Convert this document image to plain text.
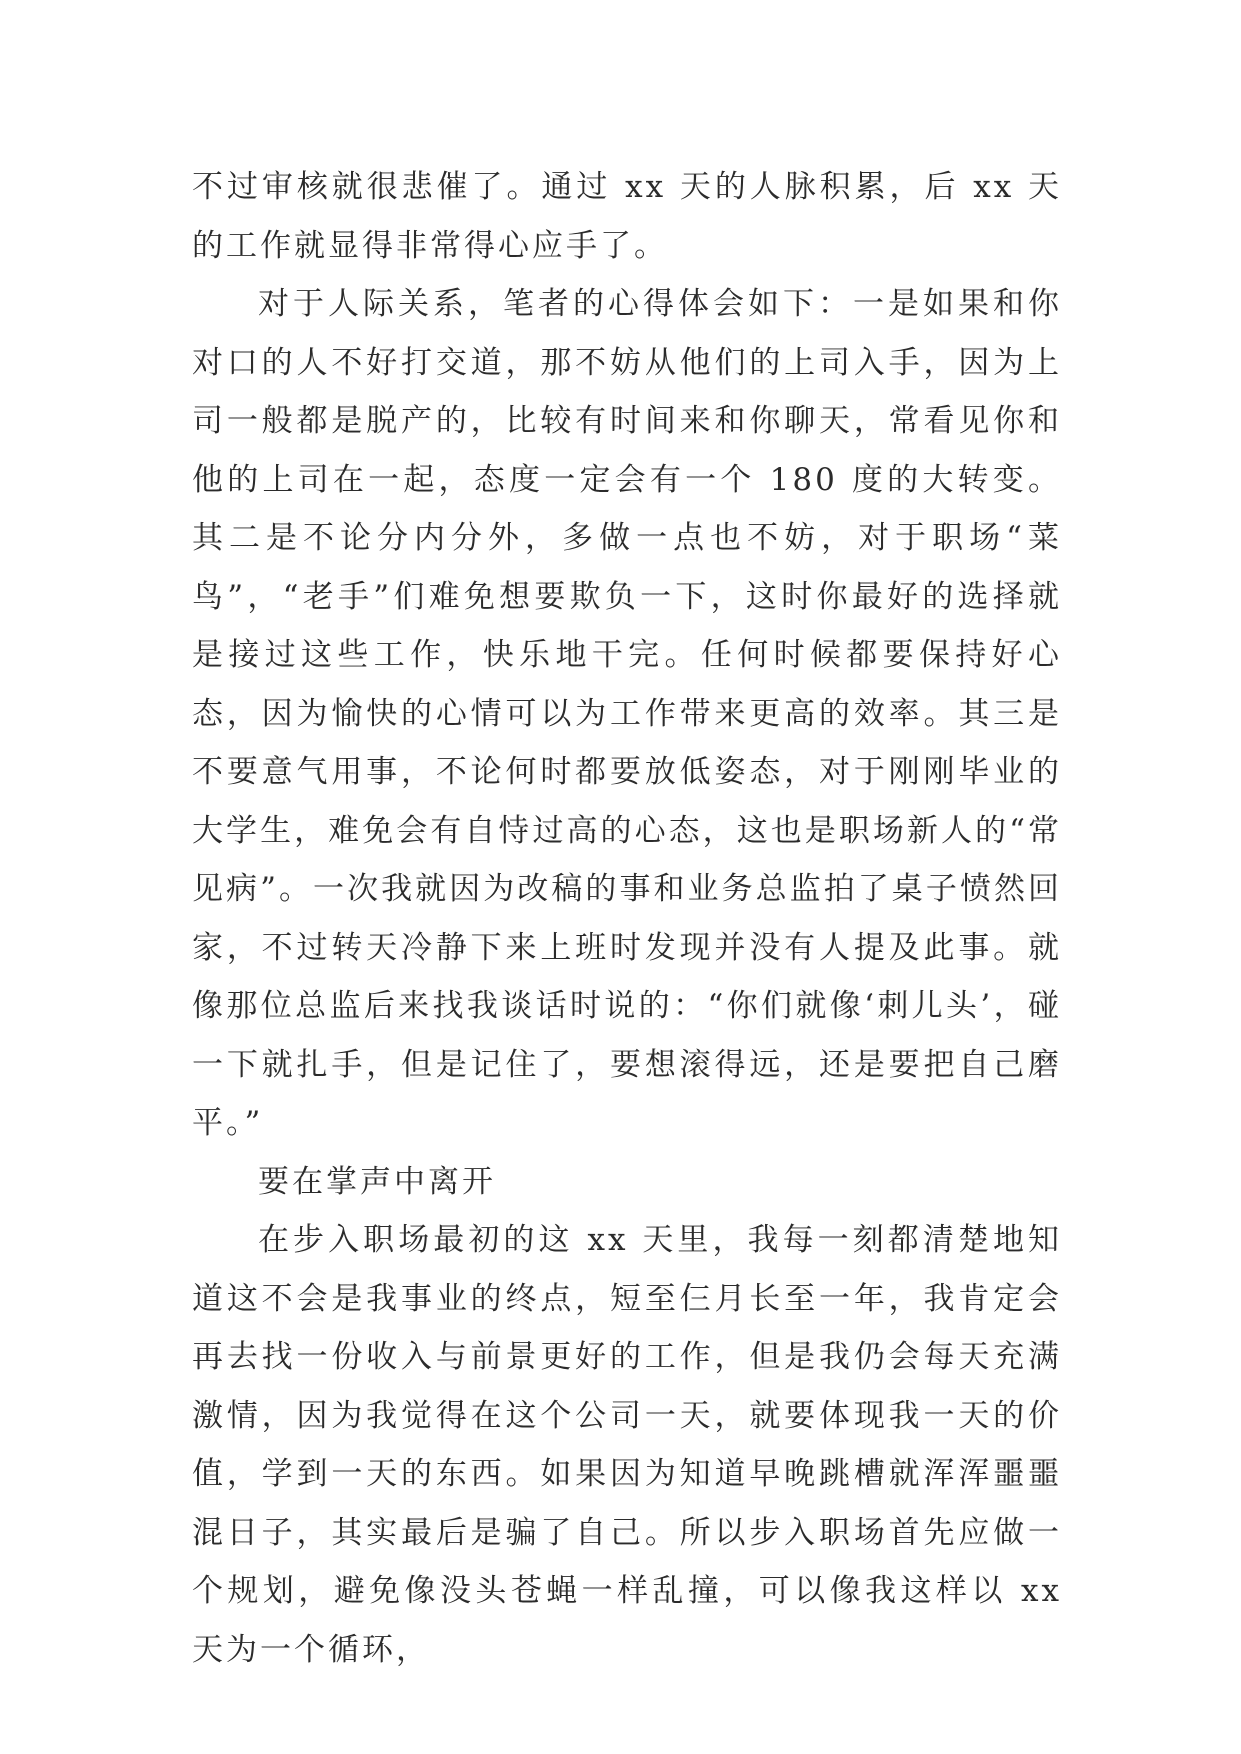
不过审核就很悲催了。通过 xx 天的人脉积累，后 xx 天的工作就显得非常得心应手了。

对于人际关系，笔者的心得体会如下：一是如果和你对口的人不好打交道，那不妨从他们的上司入手，因为上司一般都是脱产的，比较有时间来和你聊天，常看见你和他的上司在一起，态度一定会有一个 180 度的大转变。其二是不论分内分外，多做一点也不妨，对于职场“菜鸟”，“老手”们难免想要欺负一下，这时你最好的选择就是接过这些工作，快乐地干完。任何时候都要保持好心态，因为愉快的心情可以为工作带来更高的效率。其三是不要意气用事，不论何时都要放低姿态，对于刚刚毕业的大学生，难免会有自恃过高的心态，这也是职场新人的“常见病”。一次我就因为改稿的事和业务总监拍了桌子愤然回家，不过转天冷静下来上班时发现并没有人提及此事。就像那位总监后来找我谈话时说的：“你们就像‘刺儿头’，碰一下就扎手，但是记住了，要想滚得远，还是要把自己磨平。”

要在掌声中离开

在步入职场最初的这 xx 天里，我每一刻都清楚地知道这不会是我事业的终点，短至仨月长至一年，我肯定会再去找一份收入与前景更好的工作，但是我仍会每天充满激情，因为我觉得在这个公司一天，就要体现我一天的价值，学到一天的东西。如果因为知道早晚跳槽就浑浑噩噩混日子，其实最后是骗了自己。所以步入职场首先应做一个规划，避免像没头苍蝇一样乱撞，可以像我这样以 xx 天为一个循环，
